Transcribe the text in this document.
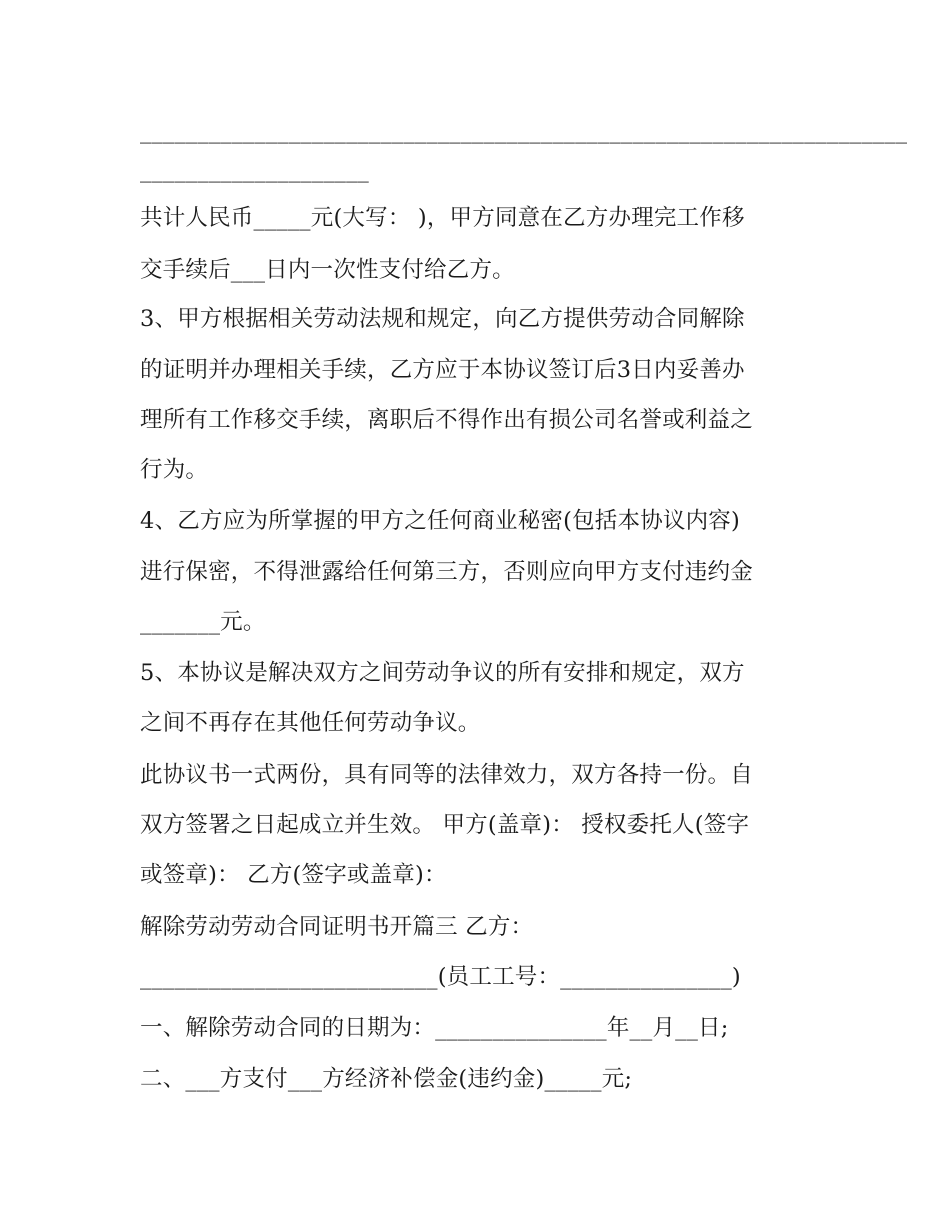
___________________________________________________________________
____________________
共计人民币_____元(大写： )，甲方同意在乙方办理完工作移
交手续后___日内一次性支付给乙方。
3、甲方根据相关劳动法规和规定，向乙方提供劳动合同解除
的证明并办理相关手续，乙方应于本协议签订后3日内妥善办
理所有工作移交手续，离职后不得作出有损公司名誉或利益之
行为。
4、乙方应为所掌握的甲方之任何商业秘密(包括本协议内容)
进行保密，不得泄露给任何第三方，否则应向甲方支付违约金
_______元。
5、本协议是解决双方之间劳动争议的所有安排和规定，双方
之间不再存在其他任何劳动争议。
此协议书一式两份，具有同等的法律效力，双方各持一份。自
双方签署之日起成立并生效。 甲方(盖章)： 授权委托人(签字
或签章)： 乙方(签字或盖章)：
解除劳动劳动合同证明书开篇三 乙方：
__________________________(员工工号：_______________)
一、解除劳动合同的日期为：_______________年__月__日;
二、___方支付___方经济补偿金(违约金)_____元;
